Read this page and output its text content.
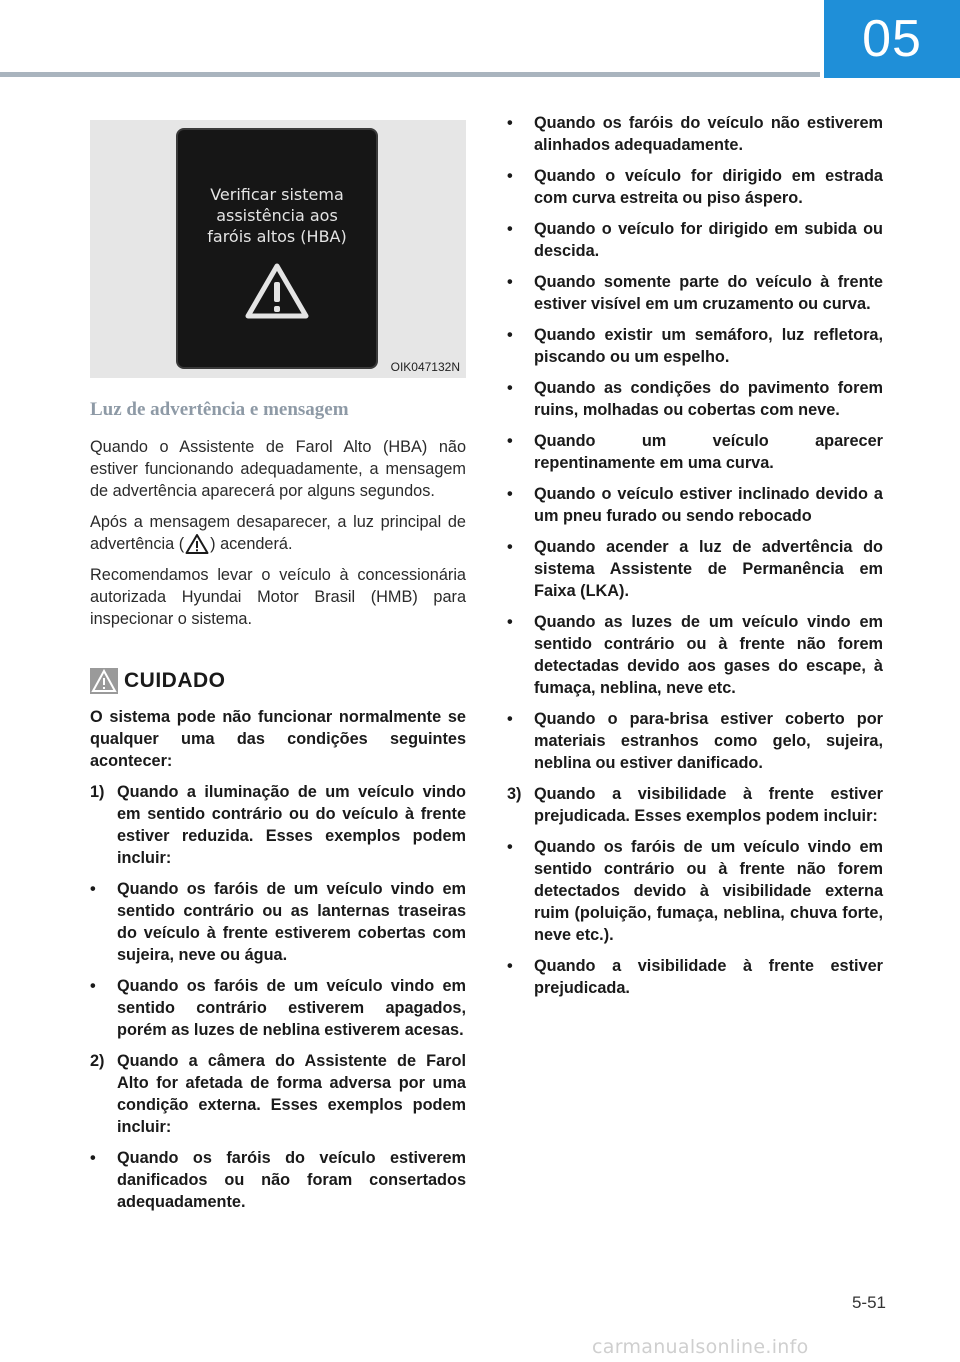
05
Verificar sistema
assistência aos
faróis altos (HBA)
OIK047132N
Luz de advertência e mensagem

Quando o Assistente de Farol Alto (HBA) não estiver funcionando adequadamente, a mensagem de advertência aparecerá por alguns segundos.

Após a mensagem desaparecer, a luz principal de advertência ( ) acenderá.

Recomendamos levar o veículo à concessionária autorizada Hyundai Motor Brasil (HMB) para inspecionar o sistema.

CUIDADO

O sistema pode não funcionar normalmente se qualquer uma das condições seguintes acontecer:

1) Quando a iluminação de um veículo vindo em sentido contrário ou do veículo à frente estiver reduzida. Esses exemplos podem incluir:
•	Quando os faróis de um veículo vindo em sentido contrário ou as lanternas traseiras do veículo à frente estiverem cobertas com sujeira, neve ou água.
•	Quando os faróis de um veículo vindo em sentido contrário estiverem apagados, porém as luzes de neblina estiverem acesas.
2) Quando a câmera do Assistente de Farol Alto for afetada de forma adversa por uma condição externa. Esses exemplos podem incluir:
•	Quando os faróis do veículo estiverem danificados ou não foram consertados adequadamente.
•	Quando os faróis do veículo não estiverem alinhados adequadamente.
•	Quando o veículo for dirigido em estrada com curva estreita ou piso áspero.
•	Quando o veículo for dirigido em subida ou descida.
•	Quando somente parte do veículo à frente estiver visível em um cruzamento ou curva.
•	Quando existir um semáforo, luz refletora, piscando ou um espelho.
•	Quando as condições do pavimento forem ruins, molhadas ou cobertas com neve.
•	Quando um veículo aparecer repentinamente em uma curva.
•	Quando o veículo estiver inclinado devido a um pneu furado ou sendo rebocado
•	Quando acender a luz de advertência do sistema Assistente de Permanência em Faixa (LKA).
•	Quando as luzes de um veículo vindo em sentido contrário ou à frente não forem detectadas devido aos gases do escape, à fumaça, neblina, neve etc.
•	Quando o para-brisa estiver coberto por materiais estranhos como gelo, sujeira, neblina ou estiver danificado.
3) Quando a visibilidade à frente estiver prejudicada. Esses exemplos podem incluir:
•	Quando os faróis de um veículo vindo em sentido contrário ou à frente não forem detectados devido à visibilidade externa ruim (poluição, fumaça, neblina, chuva forte, neve etc.).
•	Quando a visibilidade à frente estiver prejudicada.
5-51
carmanualsonline.info
